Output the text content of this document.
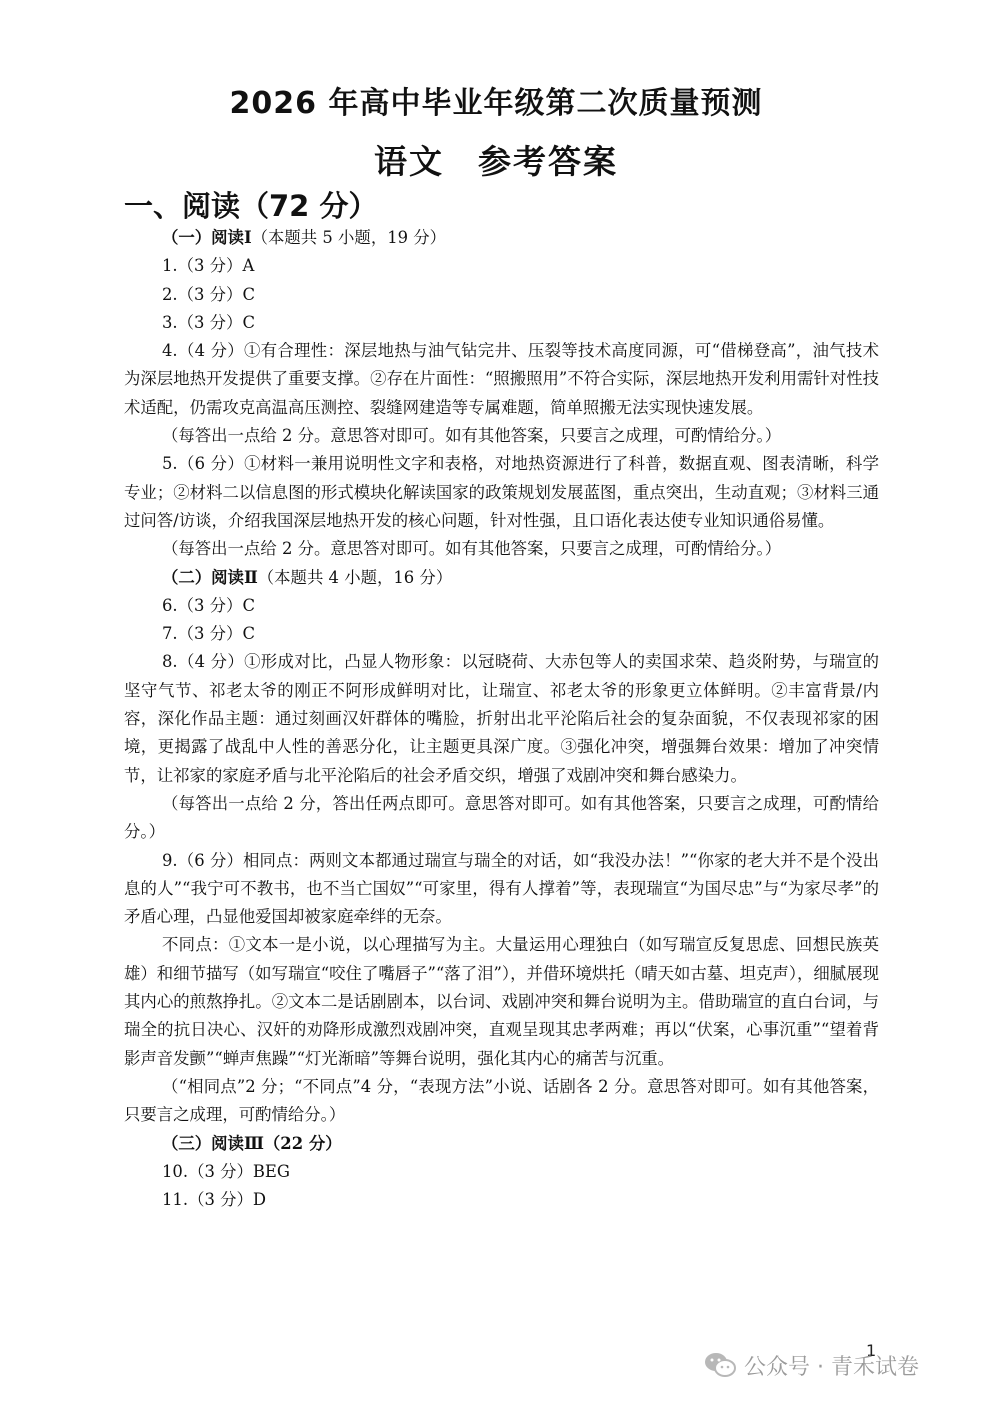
2026 年高中毕业年级第二次质量预测
语文 参考答案
一、阅读（72 分）

（一）阅读Ⅰ（本题共 5 小题，19 分）

1.（3 分）A

2.（3 分）C

3.（3 分）C

4.（4 分）①有合理性：深层地热与油气钻完井、压裂等技术高度同源，可“借梯登高”，油气技术为深层地热开发提供了重要支撑。②存在片面性：“照搬照用”不符合实际，深层地热开发利用需针对性技术适配，仍需攻克高温高压测控、裂缝网建造等专属难题，简单照搬无法实现快速发展。

（每答出一点给 2 分。意思答对即可。如有其他答案，只要言之成理，可酌情给分。）

5.（6 分）①材料一兼用说明性文字和表格，对地热资源进行了科普，数据直观、图表清晰，科学专业；②材料二以信息图的形式模块化解读国家的政策规划发展蓝图，重点突出，生动直观；③材料三通过问答/访谈，介绍我国深层地热开发的核心问题，针对性强，且口语化表达使专业知识通俗易懂。

（每答出一点给 2 分。意思答对即可。如有其他答案，只要言之成理，可酌情给分。）

（二）阅读Ⅱ（本题共 4 小题，16 分）

6.（3 分）C

7.（3 分）C

8.（4 分）①形成对比，凸显人物形象：以冠晓荷、大赤包等人的卖国求荣、趋炎附势，与瑞宣的坚守气节、祁老太爷的刚正不阿形成鲜明对比，让瑞宣、祁老太爷的形象更立体鲜明。②丰富背景/内容，深化作品主题：通过刻画汉奸群体的嘴脸，折射出北平沦陷后社会的复杂面貌，不仅表现祁家的困境，更揭露了战乱中人性的善恶分化，让主题更具深广度。③强化冲突，增强舞台效果：增加了冲突情节，让祁家的家庭矛盾与北平沦陷后的社会矛盾交织，增强了戏剧冲突和舞台感染力。

（每答出一点给 2 分，答出任两点即可。意思答对即可。如有其他答案，只要言之成理，可酌情给分。）

9.（6 分）相同点：两则文本都通过瑞宣与瑞全的对话，如“我没办法！”“你家的老大并不是个没出息的人”“我宁可不教书，也不当亡国奴”“可家里，得有人撑着”等，表现瑞宣“为国尽忠”与“为家尽孝”的矛盾心理，凸显他爱国却被家庭牵绊的无奈。

不同点：①文本一是小说，以心理描写为主。大量运用心理独白（如写瑞宣反复思虑、回想民族英雄）和细节描写（如写瑞宣“咬住了嘴唇子”“落了泪”），并借环境烘托（晴天如古墓、坦克声），细腻展现其内心的煎熬挣扎。②文本二是话剧剧本，以台词、戏剧冲突和舞台说明为主。借助瑞宣的直白台词，与瑞全的抗日决心、汉奸的劝降形成激烈戏剧冲突，直观呈现其忠孝两难；再以“伏案，心事沉重”“望着背影声音发颤”“蝉声焦躁”“灯光渐暗”等舞台说明，强化其内心的痛苦与沉重。

（“相同点”2 分；“不同点”4 分，“表现方法”小说、话剧各 2 分。意思答对即可。如有其他答案，只要言之成理，可酌情给分。）

（三）阅读Ⅲ（22 分）

10.（3 分）BEG

11.（3 分）D

1
公众号 · 青禾试卷
